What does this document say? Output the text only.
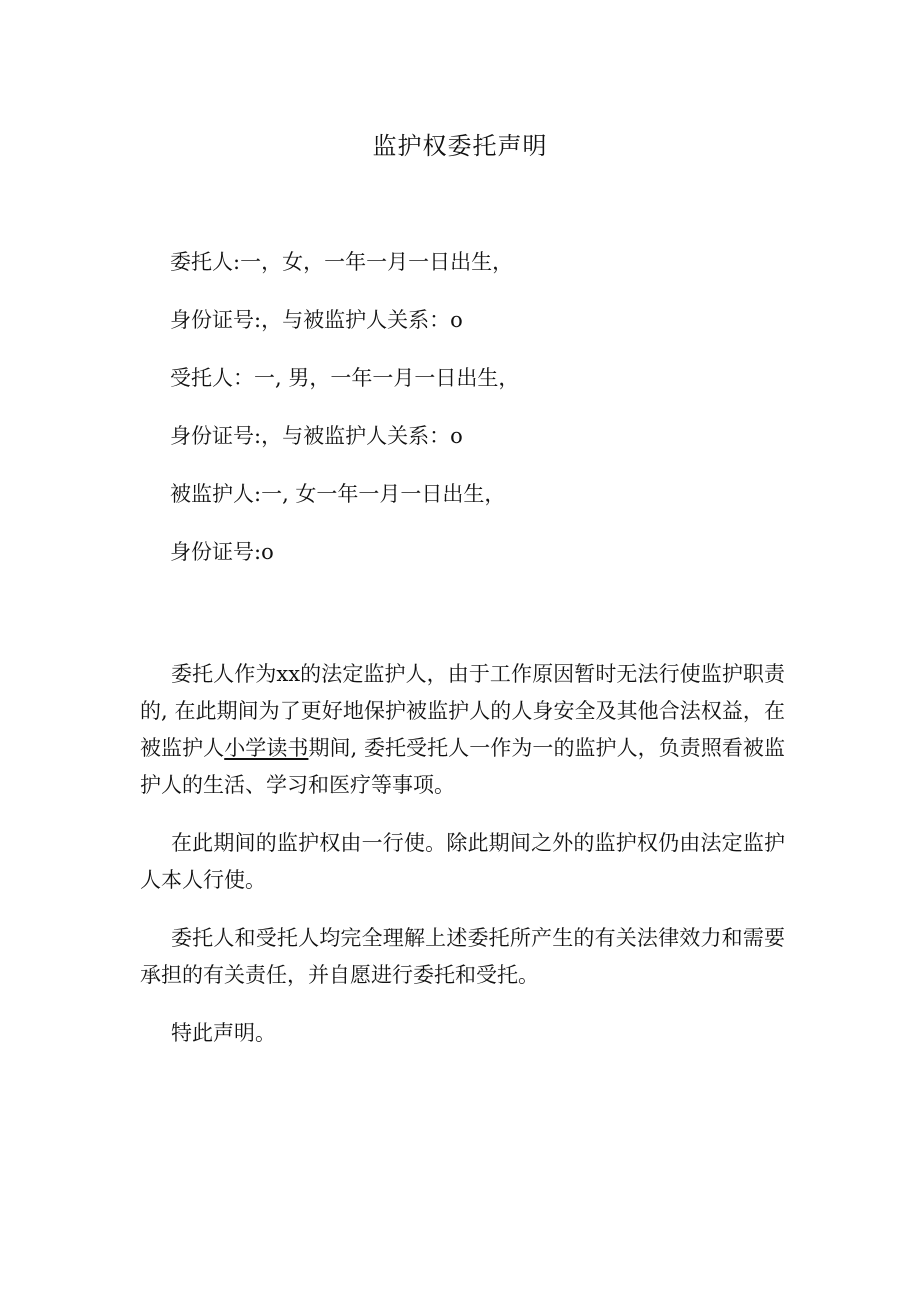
监护权委托声明
委托人:一，女，一年一月一日出生，
身份证号:，与被监护人关系：o
受托人：一, 男，一年一月一日出生，
身份证号:，与被监护人关系：o
被监护人:一, 女一年一月一日出生，
身份证号:o

委托人作为xx的法定监护人，由于工作原因暂时无法行使监护职责的, 在此期间为了更好地保护被监护人的人身安全及其他合法权益，在被监护人小学读书期间, 委托受托人一作为一的监护人，负责照看被监护人的生活、学习和医疗等事项。

在此期间的监护权由一行使。除此期间之外的监护权仍由法定监护人本人行使。

委托人和受托人均完全理解上述委托所产生的有关法律效力和需要承担的有关责任，并自愿进行委托和受托。

特此声明。
